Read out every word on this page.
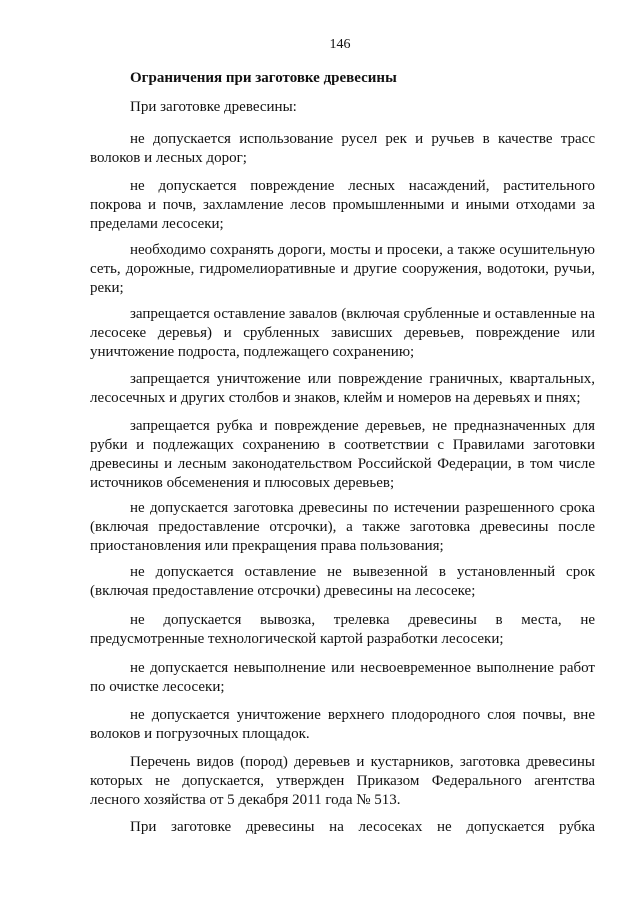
146
Ограничения при заготовке древесины
При заготовке древесины:
не допускается использование русел рек и ручьев в качестве трасс волоков и лесных дорог;
не допускается повреждение лесных насаждений, растительного покрова и почв, захламление лесов промышленными и иными отходами за пределами лесосеки;
необходимо сохранять дороги, мосты и просеки, а также осушительную сеть, дорожные, гидромелиоративные и другие сооружения, водотоки, ручьи, реки;
запрещается оставление завалов (включая срубленные и оставленные на лесосеке деревья) и срубленных зависших деревьев, повреждение или уничтожение подроста, подлежащего сохранению;
запрещается уничтожение или повреждение граничных, квартальных, лесосечных и других столбов и знаков, клейм и номеров на деревьях и пнях;
запрещается рубка и повреждение деревьев, не предназначенных для рубки и подлежащих сохранению в соответствии с Правилами заготовки древесины и лесным законодательством Российской Федерации, в том числе источников обсеменения и плюсовых деревьев;
не допускается заготовка древесины по истечении разрешенного срока (включая предоставление отсрочки), а также заготовка древесины после приостановления или прекращения права пользования;
не допускается оставление не вывезенной в установленный срок (включая предоставление отсрочки) древесины на лесосеке;
не допускается вывозка, трелевка древесины в места, не предусмотренные технологической картой разработки лесосеки;
не допускается невыполнение или несвоевременное выполнение работ по очистке лесосеки;
не допускается уничтожение верхнего плодородного слоя почвы, вне волоков и погрузочных площадок.
Перечень видов (пород) деревьев и кустарников, заготовка древесины которых не допускается, утвержден Приказом Федерального агентства лесного хозяйства от 5 декабря 2011 года № 513.
При заготовке древесины на лесосеках не допускается рубка
